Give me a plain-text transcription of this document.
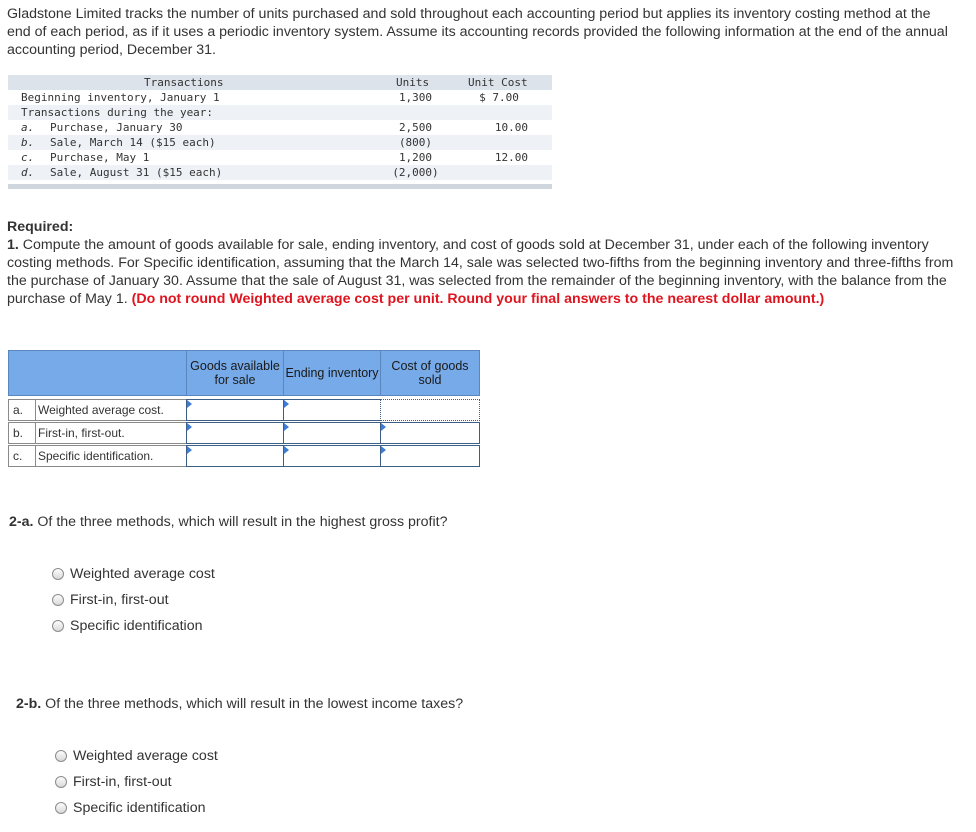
Gladstone Limited tracks the number of units purchased and sold throughout each accounting period but applies its inventory costing method at the end of each period, as if it uses a periodic inventory system. Assume its accounting records provided the following information at the end of the annual accounting period, December 31.
Transactions	Units	Unit Cost
Beginning inventory, January 1	1,300	$ 7.00
Transactions during the year:
a. Purchase, January 30	2,500	10.00
b. Sale, March 14 ($15 each)	(800)
c. Purchase, May 1	1,200	12.00
d. Sale, August 31 ($15 each)	(2,000)
Required:
1. Compute the amount of goods available for sale, ending inventory, and cost of goods sold at December 31, under each of the following inventory costing methods. For Specific identification, assuming that the March 14, sale was selected two-fifths from the beginning inventory and three-fifths from the purchase of January 30. Assume that the sale of August 31, was selected from the remainder of the beginning inventory, with the balance from the purchase of May 1. (Do not round Weighted average cost per unit. Round your final answers to the nearest dollar amount.)
Goods available for sale	Ending inventory	Cost of goods sold
a. Weighted average cost.
b. First-in, first-out.
c. Specific identification.
2-a. Of the three methods, which will result in the highest gross profit?
Weighted average cost
First-in, first-out
Specific identification
2-b. Of the three methods, which will result in the lowest income taxes?
Weighted average cost
First-in, first-out
Specific identification
